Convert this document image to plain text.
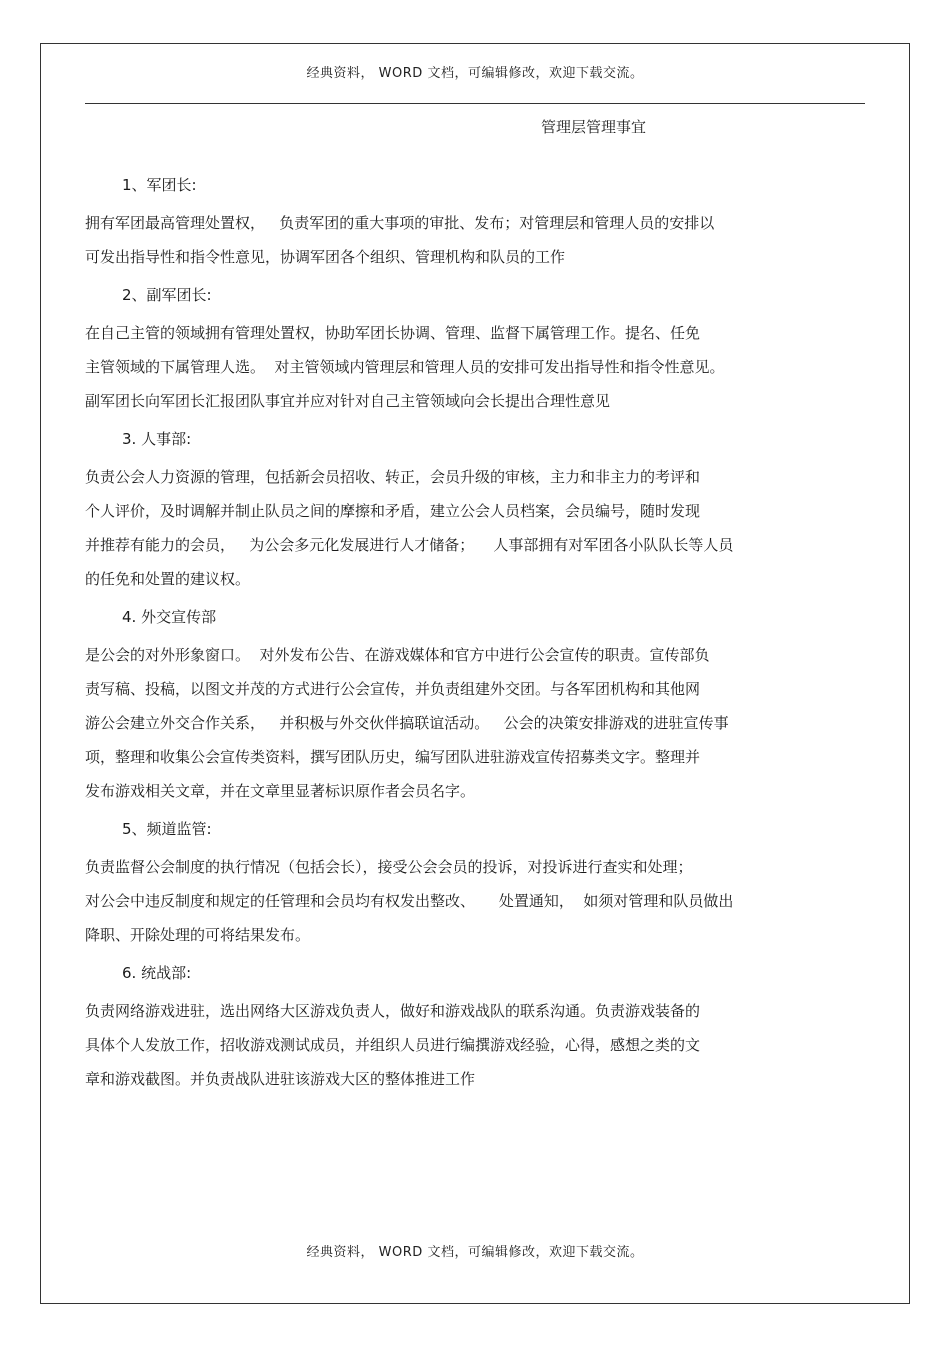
经典资料， WORD 文档，可编辑修改，欢迎下载交流。
管理层管理事宜
1、军团长:
拥有军团最高管理处置权，   负责军团的重大事项的审批、发布；对管理层和管理人员的安排以
可发出指导性和指令性意见，协调军团各个组织、管理机构和队员的工作
2、副军团长:
在自己主管的领域拥有管理处置权，协助军团长协调、管理、监督下属管理工作。提名、任免
主管领域的下属管理人选。  对主管领域内管理层和管理人员的安排可发出指导性和指令性意见。
副军团长向军团长汇报团队事宜并应对针对自己主管领域向会长提出合理性意见
3. 人事部:
负责公会人力资源的管理，包括新会员招收、转正，会员升级的审核，主力和非主力的考评和
个人评价，及时调解并制止队员之间的摩擦和矛盾，建立公会人员档案，会员编号，随时发现
并推荐有能力的会员，   为公会多元化发展进行人才储备；    人事部拥有对军团各小队队长等人员
的任免和处置的建议权。
4. 外交宣传部
是公会的对外形象窗口。  对外发布公告、在游戏媒体和官方中进行公会宣传的职责。宣传部负
责写稿、投稿，以图文并茂的方式进行公会宣传，并负责组建外交团。与各军团机构和其他网
游公会建立外交合作关系，   并积极与外交伙伴搞联谊活动。   公会的决策安排游戏的进驻宣传事
项，整理和收集公会宣传类资料，撰写团队历史，编写团队进驻游戏宣传招募类文字。整理并
发布游戏相关文章，并在文章里显著标识原作者会员名字。
5、频道监管:
负责监督公会制度的执行情况（包括会长），接受公会会员的投诉，对投诉进行查实和处理；
对公会中违反制度和规定的任管理和会员均有权发出整改、     处置通知，  如须对管理和队员做出
降职、开除处理的可将结果发布。
6. 统战部:
负责网络游戏进驻，选出网络大区游戏负责人，做好和游戏战队的联系沟通。负责游戏装备的
具体个人发放工作，招收游戏测试成员，并组织人员进行编撰游戏经验，心得，感想之类的文
章和游戏截图。并负责战队进驻该游戏大区的整体推进工作
经典资料， WORD 文档，可编辑修改，欢迎下载交流。
